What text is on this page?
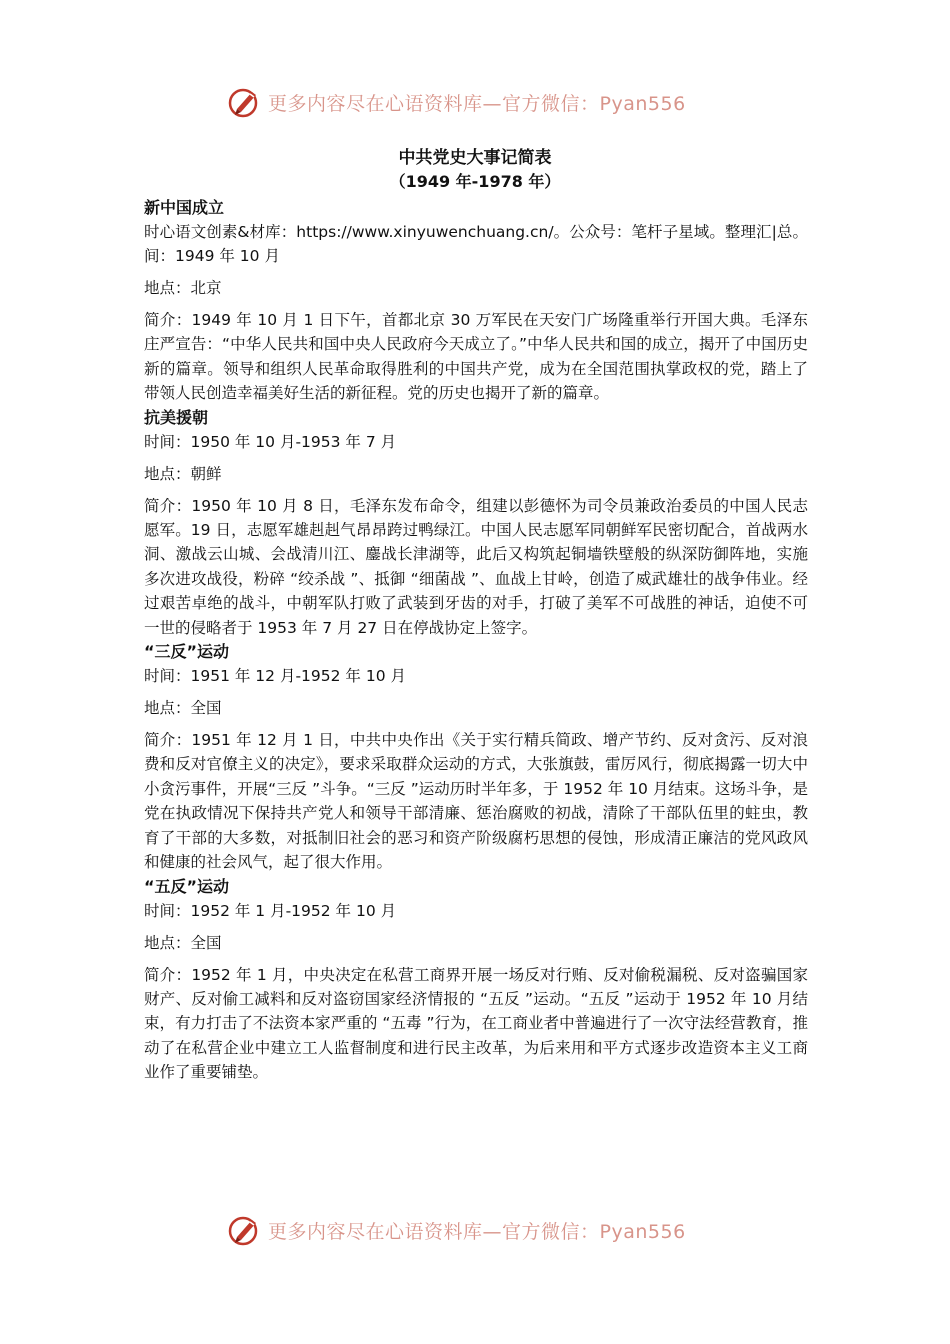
更多内容尽在心语资料库—官方微信：Pyan556
中共党史大事记简表
（1949 年-1978 年）

新中国成立

时心语文创素&材库：https://www.xinyuwenchuang.cn/。公众号：笔杆子星域。整理汇|总。间：1949 年 10 月

地点：北京

简介：1949 年 10 月 1 日下午，首都北京 30 万军民在天安门广场隆重举行开国大典。毛泽东庄严宣告：“中华人民共和国中央人民政府今天成立了。”中华人民共和国的成立，揭开了中国历史新的篇章。领导和组织人民革命取得胜利的中国共产党，成为在全国范围执掌政权的党，踏上了带领人民创造幸福美好生活的新征程。党的历史也揭开了新的篇章。

抗美援朝

时间：1950 年 10 月-1953 年 7 月

地点：朝鲜

简介：1950 年 10 月 8 日，毛泽东发布命令，组建以彭德怀为司令员兼政治委员的中国人民志愿军。19 日，志愿军雄赳赳气昂昂跨过鸭绿江。中国人民志愿军同朝鲜军民密切配合，首战两水洞、激战云山城、会战清川江、鏖战长津湖等，此后又构筑起铜墙铁壁般的纵深防御阵地，实施多次进攻战役，粉碎 “绞杀战 ”、抵御 “细菌战 ”、血战上甘岭，创造了威武雄壮的战争伟业。经过艰苦卓绝的战斗，中朝军队打败了武装到牙齿的对手，打破了美军不可战胜的神话，迫使不可一世的侵略者于 1953 年 7 月 27 日在停战协定上签字。

“三反”运动

时间：1951 年 12 月-1952 年 10 月

地点：全国

简介：1951 年 12 月 1 日，中共中央作出《关于实行精兵简政、增产节约、反对贪污、反对浪费和反对官僚主义的决定》，要求采取群众运动的方式，大张旗鼓，雷厉风行，彻底揭露一切大中小贪污事件，开展“三反 ”斗争。“三反 ”运动历时半年多，于 1952 年 10 月结束。这场斗争，是党在执政情况下保持共产党人和领导干部清廉、惩治腐败的初战，清除了干部队伍里的蛀虫，教育了干部的大多数，对抵制旧社会的恶习和资产阶级腐朽思想的侵蚀，形成清正廉洁的党风政风和健康的社会风气，起了很大作用。

“五反”运动

时间：1952 年 1 月-1952 年 10 月

地点：全国

简介：1952 年 1 月，中央决定在私营工商界开展一场反对行贿、反对偷税漏税、反对盗骗国家财产、反对偷工减料和反对盗窃国家经济情报的 “五反 ”运动。“五反 ”运动于 1952 年 10 月结束，有力打击了不法资本家严重的 “五毒 ”行为，在工商业者中普遍进行了一次守法经营教育，推动了在私营企业中建立工人监督制度和进行民主改革，为后来用和平方式逐步改造资本主义工商业作了重要铺垫。

更多内容尽在心语资料库—官方微信：Pyan556
